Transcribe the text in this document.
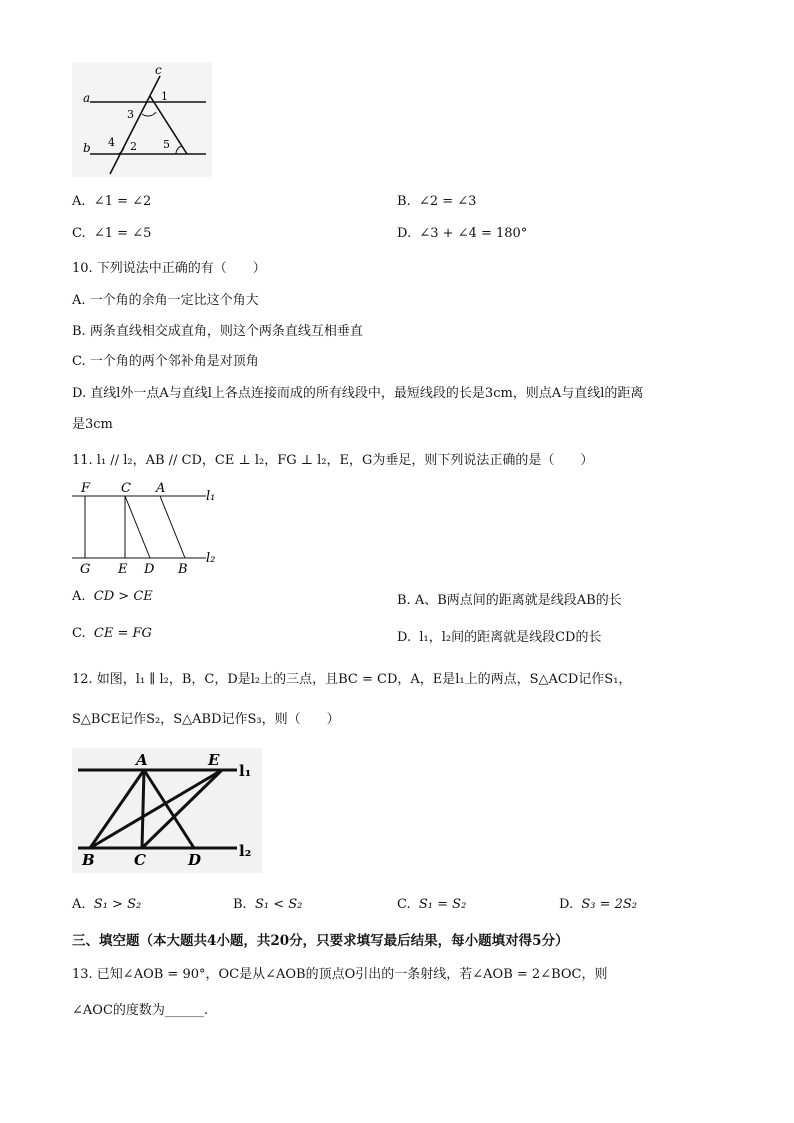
a
b
c
1
2
3
4	5
A. ∠1 = ∠2	B. ∠2 = ∠3
C. ∠1 = ∠5	D. ∠3 + ∠4 = 180°
10. 下列说法中正确的有（　　）
A. 一个角的余角一定比这个角大
B. 两条直线相交成直角，则这个两条直线互相垂直
C. 一个角的两个邻补角是对顶角
D. 直线l外一点A与直线l上各点连接而成的所有线段中，最短线段的长是3cm，则点A与直线l的距离
是3cm
11. l₁ // l₂，AB // CD，CE ⊥ l₂，FG ⊥ l₂，E，G为垂足，则下列说法正确的是（　　）
F C A
l₁
G E D B
l₂
A. CD > CE	B. A、B两点间的距离就是线段AB的长
C. CE = FG	D. l₁，l₂间的距离就是线段CD的长
12. 如图，l₁ ∥ l₂，B，C，D是l₂上的三点，且BC = CD，A，E是l₁上的两点，S△ACD记作S₁，
S△BCE记作S₂，S△ABD记作S₃，则（　　）
A	E
l₁
B	C	D	l₂
A. S₁ > S₂	B. S₁ < S₂	C. S₁ = S₂	D. S₃ = 2S₂
三、填空题（本大题共4小题，共20分，只要求填写最后结果，每小题填对得5分）
13. 已知∠AOB = 90°，OC是从∠AOB的顶点O引出的一条射线，若∠AOB = 2∠BOC，则
∠AOC的度数为______.
